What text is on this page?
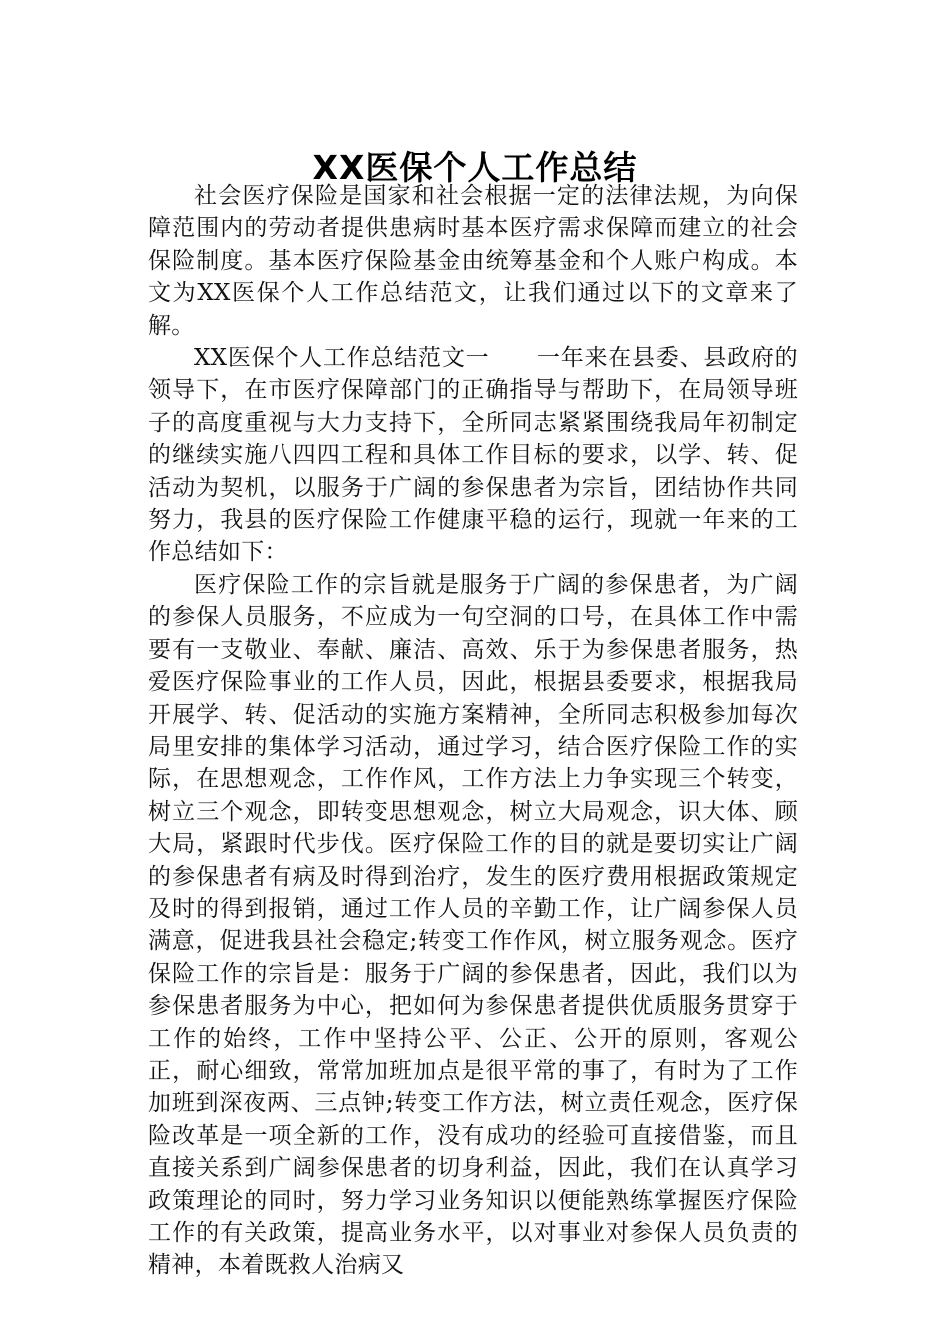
XX医保个人工作总结

社会医疗保险是国家和社会根据一定的法律法规，为向保障范围内的劳动者提供患病时基本医疗需求保障而建立的社会保险制度。基本医疗保险基金由统筹基金和个人账户构成。本文为XX医保个人工作总结范文，让我们通过以下的文章来了解。

XX医保个人工作总结范文一　　一年来在县委、县政府的领导下，在市医疗保障部门的正确指导与帮助下，在局领导班子的高度重视与大力支持下，全所同志紧紧围绕我局年初制定的继续实施八四四工程和具体工作目标的要求，以学、转、促活动为契机，以服务于广阔的参保患者为宗旨，团结协作共同努力，我县的医疗保险工作健康平稳的运行，现就一年来的工作总结如下：

医疗保险工作的宗旨就是服务于广阔的参保患者，为广阔的参保人员服务，不应成为一句空洞的口号，在具体工作中需要有一支敬业、奉献、廉洁、高效、乐于为参保患者服务，热爱医疗保险事业的工作人员，因此，根据县委要求，根据我局开展学、转、促活动的实施方案精神，全所同志积极参加每次局里安排的集体学习活动，通过学习，结合医疗保险工作的实际，在思想观念，工作作风，工作方法上力争实现三个转变，树立三个观念，即转变思想观念，树立大局观念，识大体、顾大局，紧跟时代步伐。医疗保险工作的目的就是要切实让广阔的参保患者有病及时得到治疗，发生的医疗费用根据政策规定及时的得到报销，通过工作人员的辛勤工作，让广阔参保人员满意，促进我县社会稳定;转变工作作风，树立服务观念。医疗保险工作的宗旨是：服务于广阔的参保患者，因此，我们以为参保患者服务为中心，把如何为参保患者提供优质服务贯穿于工作的始终，工作中坚持公平、公正、公开的原则，客观公正，耐心细致，常常加班加点是很平常的事了，有时为了工作加班到深夜两、三点钟;转变工作方法，树立责任观念，医疗保险改革是一项全新的工作，没有成功的经验可直接借鉴，而且直接关系到广阔参保患者的切身利益，因此，我们在认真学习政策理论的同时，努力学习业务知识以便能熟练掌握医疗保险工作的有关政策，提高业务水平，以对事业对参保人员负责的精神，本着既救人治病又
